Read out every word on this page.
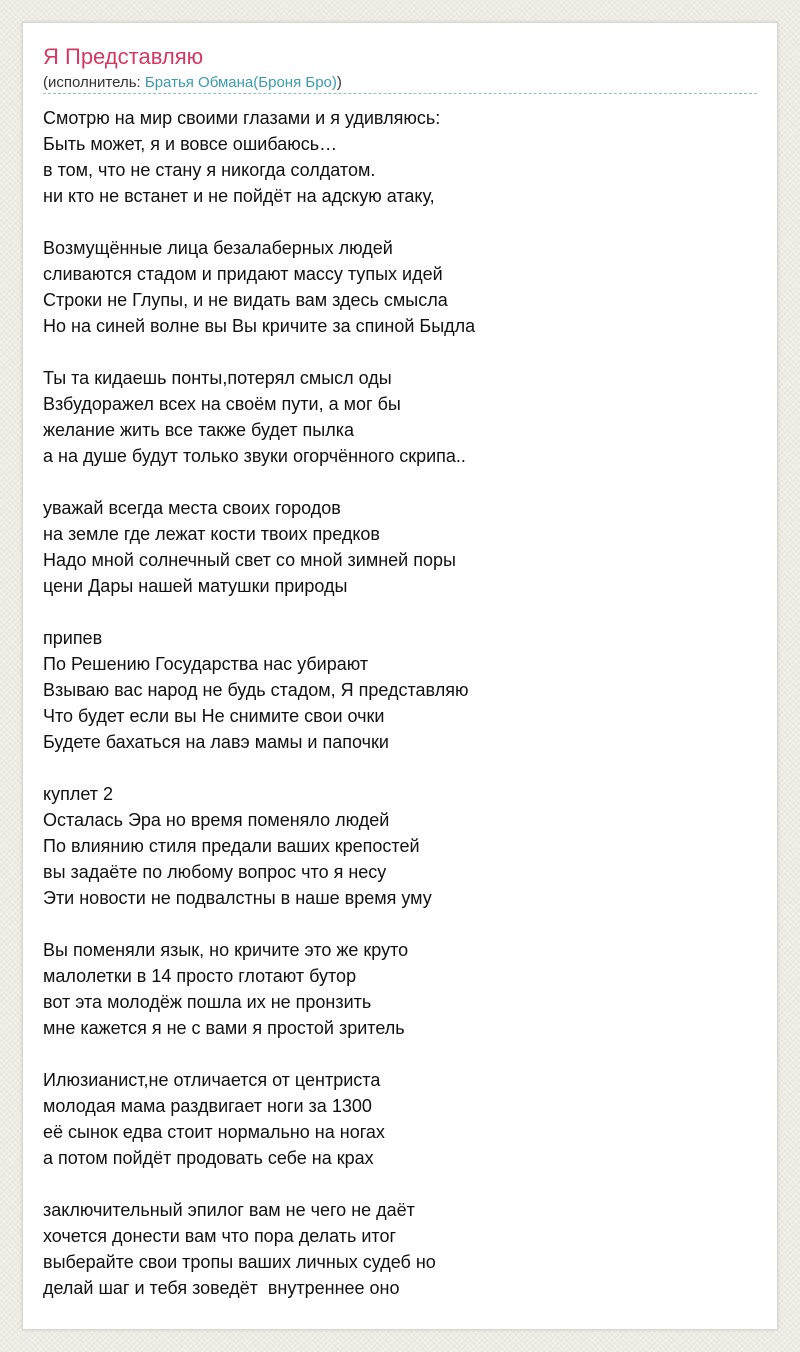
Я Представляю
(исполнитель: Братья Обмана(Броня Бро))
Смотрю на мир своими глазами и я удивляюсь:
Быть может, я и вовсе ошибаюсь…
в том, что не стану я никогда солдатом.
ни кто не встанет и не пойдёт на адскую атаку,
Возмущённые лица безалаберных людей
сливаются стадом и придают массу тупых идей
Строки не Глупы, и не видать вам здесь смысла
Но на синей волне вы Вы кричите за спиной Быдла
Ты та кидаешь понты,потерял смысл оды
Взбудоражел всех на своём пути, а мог бы
желание жить все также будет пылка
а на душе будут только звуки огорчённого скрипа..
уважай всегда места своих городов
на земле где лежат кости твоих предков
Надо мной солнечный свет со мной зимней поры
цени Дары нашей матушки природы
припев
По Решению Государства нас убирают
Взываю вас народ не будь стадом, Я представляю
Что будет если вы Не снимите свои очки
Будете бахаться на лавэ мамы и папочки
куплет 2
Осталась Эра но время поменяло людей
По влиянию стиля предали ваших крепостей
вы задаёте по любому вопрос что я несу
Эти новости не подвалстны в наше время уму
Вы поменяли язык, но кричите это же круто
малолетки в 14 просто глотают бутор
вот эта молодёж пошла их не пронзить
мне кажется я не с вами я простой зритель
Илюзианист,не отличается от центриста
молодая мама раздвигает ноги за 1300
её сынок едва стоит нормально на ногах
а потом пойдёт продовать себе на крах
заключительный эпилог вам не чего не даёт
хочется донести вам что пора делать итог
выберайте свои тропы ваших личных судеб но
делай шаг и тебя зоведёт  внутреннее оно
